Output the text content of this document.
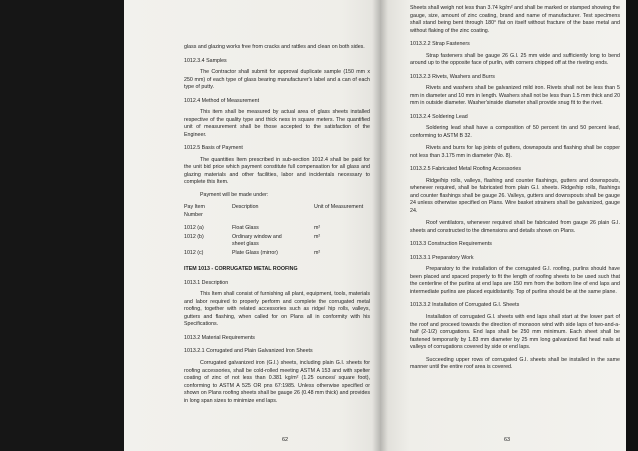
glass and glazing works free from cracks and rattles and clean on both sides.

1012.3.4 Samples

The Contractor shall submit for approval duplicate sample (150 mm x 250 mm) of each type of glass bearing manufacturer's label and a can of each type of putty.

1012.4 Method of Measurement

This item shall be measured by actual area of glass sheets installed respective of the quality type and thick ness in square meters. The quantified unit of measurement shall be those accepted to the satisfaction of the Engineer.

1012.5 Basis of Payment

The quantities Item prescribed in sub-section 1012.4 shall be paid for the unit bid price which payment constitute full compensation for all glass and glazing materials and other facilities, labor and incidentals necessary to complete this Item.

Payment will be made under:

Pay Item Number	Description	Unit of Measurement

1012 (a)	Float Glass	m²
1012 (b)	Ordinary window and sheet glass	m²
1012 (c)	Plate Glass (mirror)	m²

ITEM 1013 - CORRUGATED METAL ROOFING

1013.1 Description

This Item shall consist of furnishing all plant, equipment, tools, materials and labor required to properly perform and complete the corrugated metal roofing, together with related accessories such as ridge/ hip rolls, valleys, gutters and flashing, when called for on Plans all in conformity with his Specifications.

1013.2 Material Requirements

1013.2.1 Corrugated and Plain Galvanized Iron Sheets

Corrugated galvanized iron (G.I.) sheets, including plain G.I. sheets for roofing accessories, shall be cold-rolled meeting ASTM A 153 and with spelter coating of zinc of not less than 0.381 kg/m² (1.25 ounces/ square foot), conforming to ASTM A 525 OR pns 67:1985. Unless otherwise specified or shown on Plans roofing sheets shall be gauge 26 (0.48 mm thick) and provides in long span sizes to minimize end laps.

62

Sheets shall weigh not less than 3.74 kg/m² and shall be marked or stamped showing the gauge, size, amount of zinc coating, brand and name of manufacturer. Test specimens shall stand being bent through 180° flat on itself without fracture of the base metal and without flaking of the zinc coating.

1013.2.2 Strap Fasteners

Strap fasteners shall be gauge 26 G.I. 25 mm wide and sufficiently long to bend around up to the opposite face of purlin, with corners chipped off at the riveting ends.

1013.2.3 Rivets, Washers and Burrs

Rivets and washers shall be galvanized mild iron. Rivets shall not be less than 5 mm in diameter and 10 mm in length. Washers shall not be less than 1.5 mm thick and 20 mm in outside diameter. Washer'sinside diameter shall provide snug fit to the rivet.

1013.2.4 Soldering Lead

Soldering lead shall have a composition of 50 percent tin and 50 percent lead, conforming to ASTM B 32.

Rivets and burrs for lap joints of gutters, downspouts and flashing shall be copper not less than 3.175 mm in diameter (No. 8).

1013.2.5 Fabricated Metal Roofing Accessories

Ridge/hip rolls, valleys, flashing and counter flashings, gutters and downspouts, whenever required, shall be fabricated from plain G.I. sheets. Ridge/hip rolls, flashings and counter flashings shall be gauge 26. Valleys, gutters and downspouts shall be gauge 24 unless otherwise specified on Plans. Wire basket strainers shall be galvanized, gauge 24.

Roof ventilators, whenever required shall be fabricated from gauge 26 plain G.I. sheets and constructed to the dimensions and details shown on Plans.

1013.3 Construction Requirements

1013.3.1 Preparatory Work

Preparatory to the installation of the corrugated G.I. roofing, purlins should have been placed and spaced properly to fit the length of roofing sheets to be used such that the centerline of the purlins at end laps are 150 mm from the bottom line of end laps and intermediate purlins are placed equidistantly. Top of purlins should be at the same plane.

1013.3.2 Installation of Corrugated G.I. Sheets

Installation of corrugated G.I. sheets with end laps shall start at the lower part of the roof and proceed towards the direction of monsoon wind with side laps of two-and-a-half (2-1/2) corrugations. End laps shall be 250 mm minimum. Each sheet shall be fastened temporarily by 1.83 mm diameter by 25 mm long galvanized flat head nails at valleys of corrugations covered by side or end laps.

Succeeding upper rows of corrugated G.I. sheets shall be installed in the same manner until the entire roof area is covered.

63
